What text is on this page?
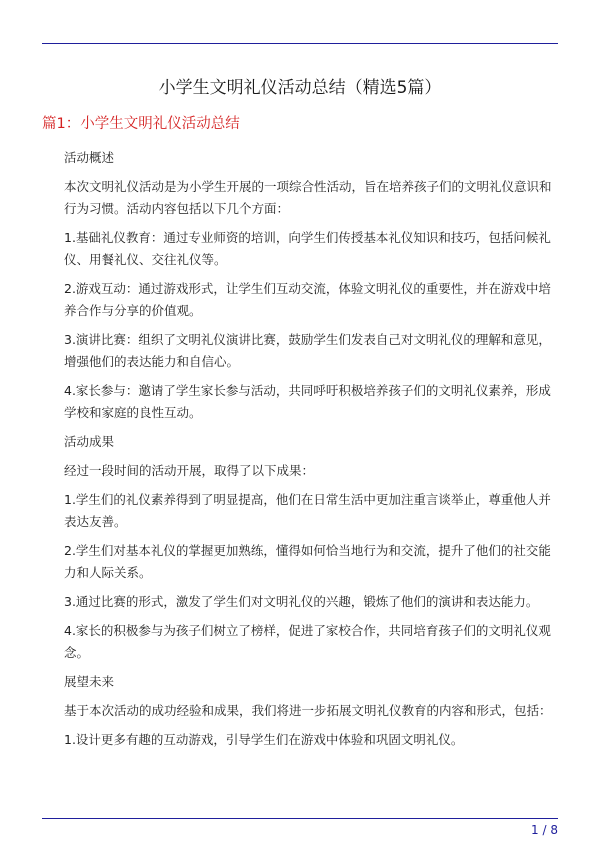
小学生文明礼仪活动总结（精选5篇）
篇1：小学生文明礼仪活动总结

活动概述

本次文明礼仪活动是为小学生开展的一项综合性活动，旨在培养孩子们的文明礼仪意识和行为习惯。活动内容包括以下几个方面：

1.基础礼仪教育：通过专业师资的培训，向学生们传授基本礼仪知识和技巧，包括问候礼仪、用餐礼仪、交往礼仪等。

2.游戏互动：通过游戏形式，让学生们互动交流，体验文明礼仪的重要性，并在游戏中培养合作与分享的价值观。

3.演讲比赛：组织了文明礼仪演讲比赛，鼓励学生们发表自己对文明礼仪的理解和意见，增强他们的表达能力和自信心。

4.家长参与：邀请了学生家长参与活动，共同呼吁积极培养孩子们的文明礼仪素养，形成学校和家庭的良性互动。

活动成果

经过一段时间的活动开展，取得了以下成果：

1.学生们的礼仪素养得到了明显提高，他们在日常生活中更加注重言谈举止，尊重他人并表达友善。

2.学生们对基本礼仪的掌握更加熟练，懂得如何恰当地行为和交流，提升了他们的社交能力和人际关系。

3.通过比赛的形式，激发了学生们对文明礼仪的兴趣，锻炼了他们的演讲和表达能力。

4.家长的积极参与为孩子们树立了榜样，促进了家校合作，共同培育孩子们的文明礼仪观念。

展望未来

基于本次活动的成功经验和成果，我们将进一步拓展文明礼仪教育的内容和形式，包括：

1.设计更多有趣的互动游戏，引导学生们在游戏中体验和巩固文明礼仪。

1 / 8
